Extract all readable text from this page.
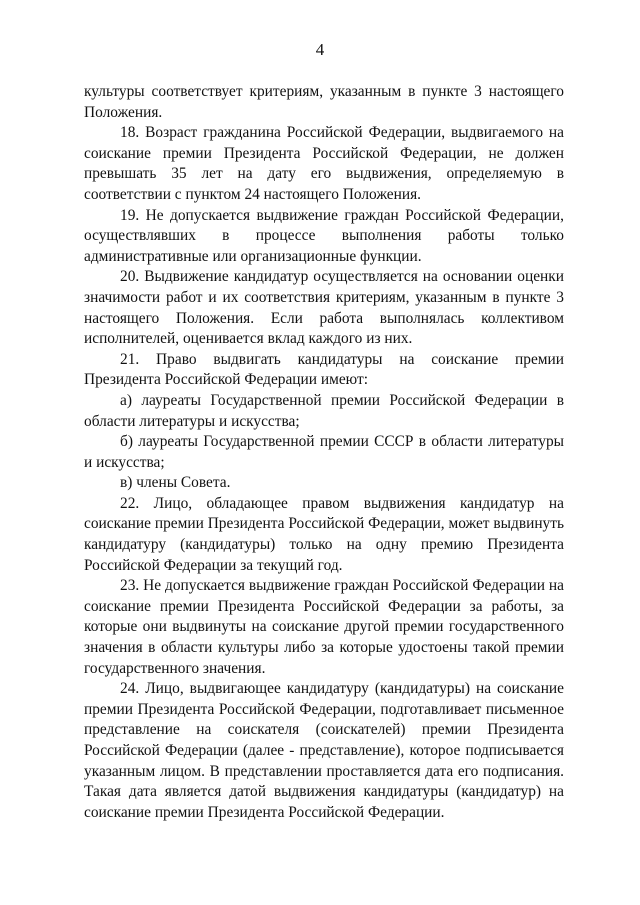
4

культуры соответствует критериям, указанным в пункте 3 настоящего Положения.

18. Возраст гражданина Российской Федерации, выдвигаемого на соискание премии Президента Российской Федерации, не должен превышать 35 лет на дату его выдвижения, определяемую в соответствии с пунктом 24 настоящего Положения.

19. Не допускается выдвижение граждан Российской Федерации, осуществлявших в процессе выполнения работы только административные или организационные функции.

20. Выдвижение кандидатур осуществляется на основании оценки значимости работ и их соответствия критериям, указанным в пункте 3 настоящего Положения. Если работа выполнялась коллективом исполнителей, оценивается вклад каждого из них.

21. Право выдвигать кандидатуры на соискание премии Президента Российской Федерации имеют:

а) лауреаты Государственной премии Российской Федерации в области литературы и искусства;

б) лауреаты Государственной премии СССР в области литературы и искусства;

в) члены Совета.

22. Лицо, обладающее правом выдвижения кандидатур на соискание премии Президента Российской Федерации, может выдвинуть кандидатуру (кандидатуры) только на одну премию Президента Российской Федерации за текущий год.

23. Не допускается выдвижение граждан Российской Федерации на соискание премии Президента Российской Федерации за работы, за которые они выдвинуты на соискание другой премии государственного значения в области культуры либо за которые удостоены такой премии государственного значения.

24. Лицо, выдвигающее кандидатуру (кандидатуры) на соискание премии Президента Российской Федерации, подготавливает письменное представление на соискателя (соискателей) премии Президента Российской Федерации (далее - представление), которое подписывается указанным лицом. В представлении проставляется дата его подписания. Такая дата является датой выдвижения кандидатуры (кандидатур) на соискание премии Президента Российской Федерации.
